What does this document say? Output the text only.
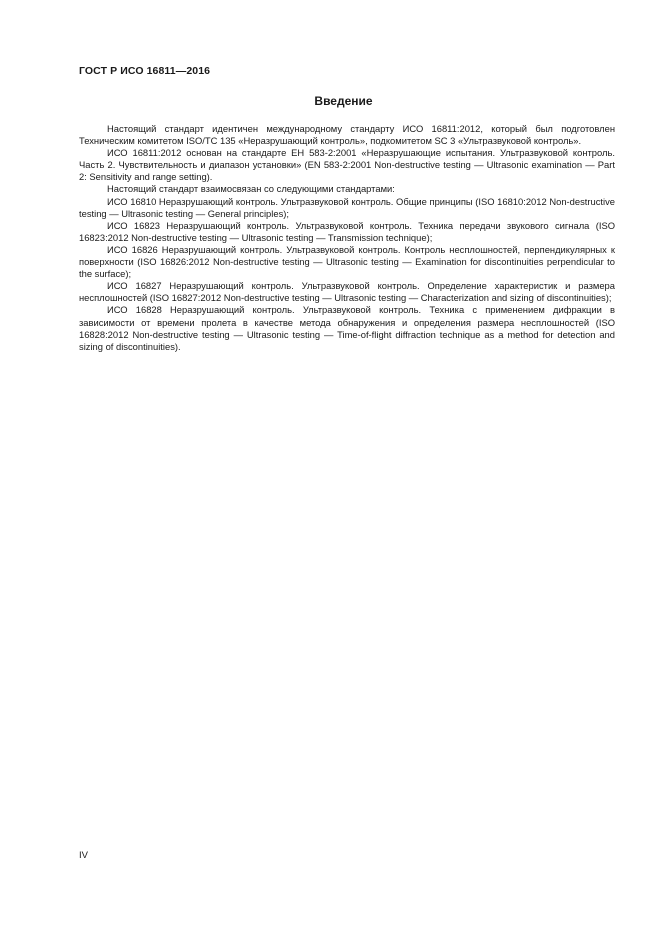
ГОСТ Р ИСО 16811—2016
Введение

Настоящий стандарт идентичен международному стандарту ИСО 16811:2012, который был подготовлен Техническим комитетом ISO/TC 135 «Неразрушающий контроль», подкомитетом SC 3 «Ультразвуковой контроль».

ИСО 16811:2012 основан на стандарте ЕН 583-2:2001 «Неразрушающие испытания. Ультразвуковой контроль. Часть 2. Чувствительность и диапазон установки» (EN 583-2:2001 Non-destructive testing — Ultrasonic examination — Part 2: Sensitivity and range setting).

Настоящий стандарт взаимосвязан со следующими стандартами:

ИСО 16810 Неразрушающий контроль. Ультразвуковой контроль. Общие принципы (ISO 16810:2012 Non-destructive testing — Ultrasonic testing — General principles);

ИСО 16823 Неразрушающий контроль. Ультразвуковой контроль. Техника передачи звукового сигнала (ISO 16823:2012 Non-destructive testing — Ultrasonic testing — Transmission technique);

ИСО 16826 Неразрушающий контроль. Ультразвуковой контроль. Контроль несплошностей, перпендикулярных к поверхности (ISO 16826:2012 Non-destructive testing — Ultrasonic testing — Examination for discontinuities perpendicular to the surface);

ИСО 16827 Неразрушающий контроль. Ультразвуковой контроль. Определение характеристик и размера несплошностей (ISO 16827:2012 Non-destructive testing — Ultrasonic testing — Characterization and sizing of discontinuities);

ИСО 16828 Неразрушающий контроль. Ультразвуковой контроль. Техника с применением дифракции в зависимости от времени пролета в качестве метода обнаружения и определения размера несплошностей (ISO 16828:2012 Non-destructive testing — Ultrasonic testing — Time-of-flight diffraction technique as a method for detection and sizing of discontinuities).

IV
